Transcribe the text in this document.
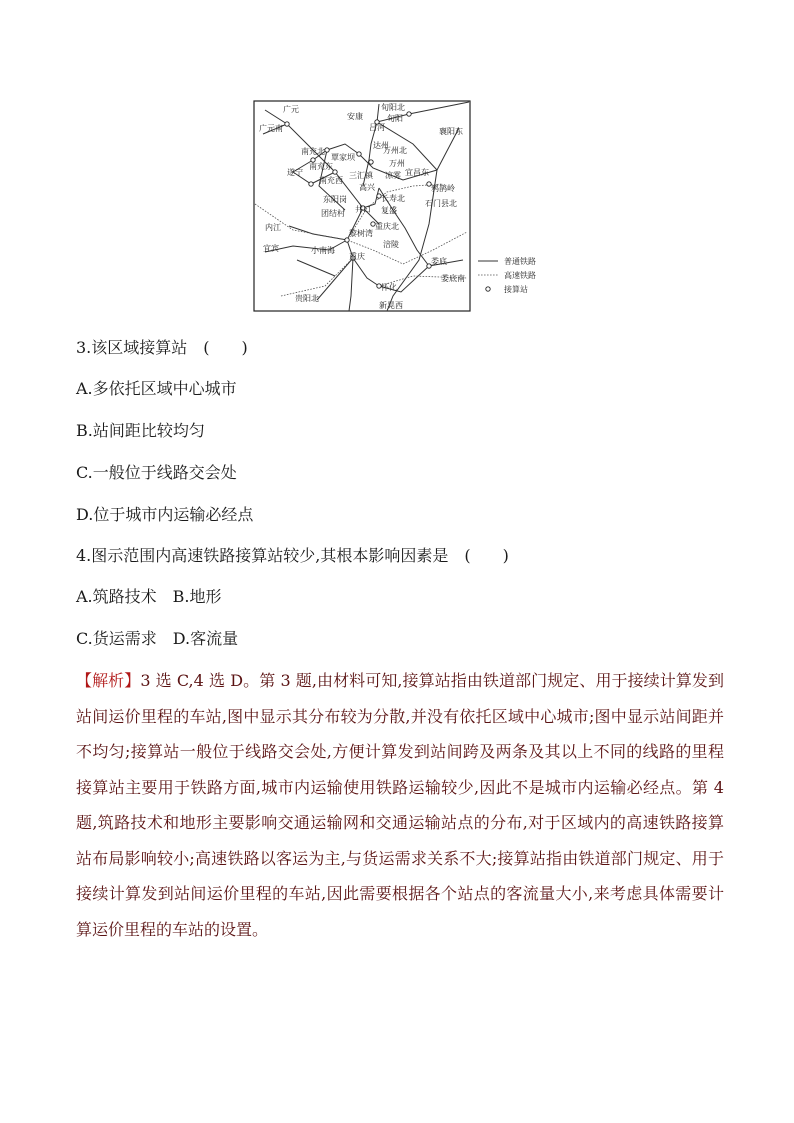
广元
广元南
旬阳北
旬阳
安康
吕河	襄阳东
达州
万州北
南充北
覃家坝
万州
南充东
遂宁
南充西
三汇镇 凉雾 宜昌东
高兴	鸦鹊岭
东阳岗	长寿北
石门县北
团结村 井口 复盛
内江
黎树湾
重庆北
涪陵
宜宾	小南海
重庆
娄底
怀化
娄底南
贵阳北
新晃西
普通铁路
高速铁路
接算站
3.该区域接算站　(　　)
A.多依托区域中心城市
B.站间距比较均匀
C.一般位于线路交会处
D.位于城市内运输必经点
4.图示范围内高速铁路接算站较少,其根本影响因素是　(　　)
A.筑路技术　B.地形
C.货运需求　D.客流量
【解析】3 选 C,4 选 D。第 3 题,由材料可知,接算站指由铁道部门规定、用于接续计算发到站间运价里程的车站,图中显示其分布较为分散,并没有依托区域中心城市;图中显示站间距并不均匀;接算站一般位于线路交会处,方便计算发到站间跨及两条及其以上不同的线路的里程接算站主要用于铁路方面,城市内运输使用铁路运输较少,因此不是城市内运输必经点。第 4 题,筑路技术和地形主要影响交通运输网和交通运输站点的分布,对于区域内的高速铁路接算站布局影响较小;高速铁路以客运为主,与货运需求关系不大;接算站指由铁道部门规定、用于接续计算发到站间运价里程的车站,因此需要根据各个站点的客流量大小,来考虑具体需要计算运价里程的车站的设置。
